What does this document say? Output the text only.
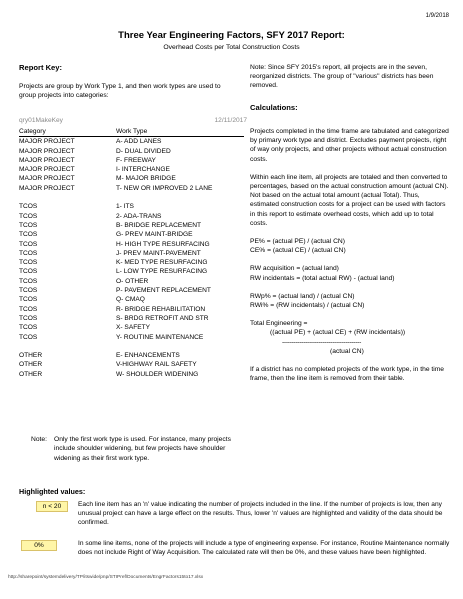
1/9/2018
Three Year Engineering Factors, SFY 2017 Report:
Overhead Costs per Total Construction Costs
Report Key:
Projects are group by Work Type 1, and then work types are used to group projects into categories:
qry01MakeKey	12/11/2017
Category	Work Type
MAJOR PROJECT	A- ADD LANES
MAJOR PROJECT	D- DUAL DIVIDED
MAJOR PROJECT	F- FREEWAY
MAJOR PROJECT	I- INTERCHANGE
MAJOR PROJECT	M- MAJOR BRIDGE
MAJOR PROJECT	T- NEW OR IMPROVED 2 LANE

TCOS	1- ITS
TCOS	2- ADA-TRANS
TCOS	B- BRIDGE REPLACEMENT
TCOS	G- PREV MAINT-BRIDGE
TCOS	H- HIGH TYPE RESURFACING
TCOS	J- PREV MAINT-PAVEMENT
TCOS	K- MED TYPE RESURFACING
TCOS	L- LOW TYPE RESURFACING
TCOS	O- OTHER
TCOS	P- PAVEMENT REPLACEMENT
TCOS	Q- CMAQ
TCOS	R- BRIDGE REHABILITATION
TCOS	S- BRDG RETROFIT AND STR
TCOS	X- SAFETY
TCOS	Y- ROUTINE MAINTENANCE

OTHER	E- ENHANCEMENTS
OTHER	V-HIGHWAY RAIL SAFETY
OTHER	W- SHOULDER WIDENING
Note: Only the first work type is used. For instance, many projects include shoulder widening, but few projects have shoulder widening as their first work type.
Note: Since SFY 2015's report, all projects are in the seven, reorganized districts. The group of "various" districts has been removed.
Calculations:

Projects completed in the time frame are tabulated and categorized by primary work type and district. Excludes payment projects, right of way only projects, and other projects without actual construction costs.

Within each line item, all projects are totaled and then converted to percentages, based on the actual construction amount (actual CN). Not based on the actual total amount (actual Total). Thus, estimated construction costs for a project can be used with factors in this report to estimate overhead costs, which add up to total costs.

PE% = (actual PE) / (actual CN)
CE% = (actual CE) / (actual CN)
RW acquisition = (actual land)
RW incidentals = (total actual RW) - (actual land)
RWp% = (actual land) / (actual CN)
RWi% = (RW incidentals) / (actual CN)
Total Engineering =
((actual PE) + (actual CE) + (RW incidentals))
-----------------------------------------
(actual CN)

If a district has no completed projects of the work type, in the time frame, then the line item is removed from their table.

Highlighted values:
n < 20	Each line item has an 'n' value indicating the number of projects included in the line. If the number of projects is low, then any unusual project can have a large effect on the results. Thus, lower 'n' values are highlighted and validity of the data should be confirmed.
0%	In some line items, none of the projects will include a type of engineering expense. For instance, Routine Maintenance normally does not include Right of Way Acquisition. The calculated rate will then be 0%, and these values have been highlighted.
http://sharepoint/systemdelivery/TP/itswide/pnp/STIPref/Documents/EngrFactors15to17.xlsx
